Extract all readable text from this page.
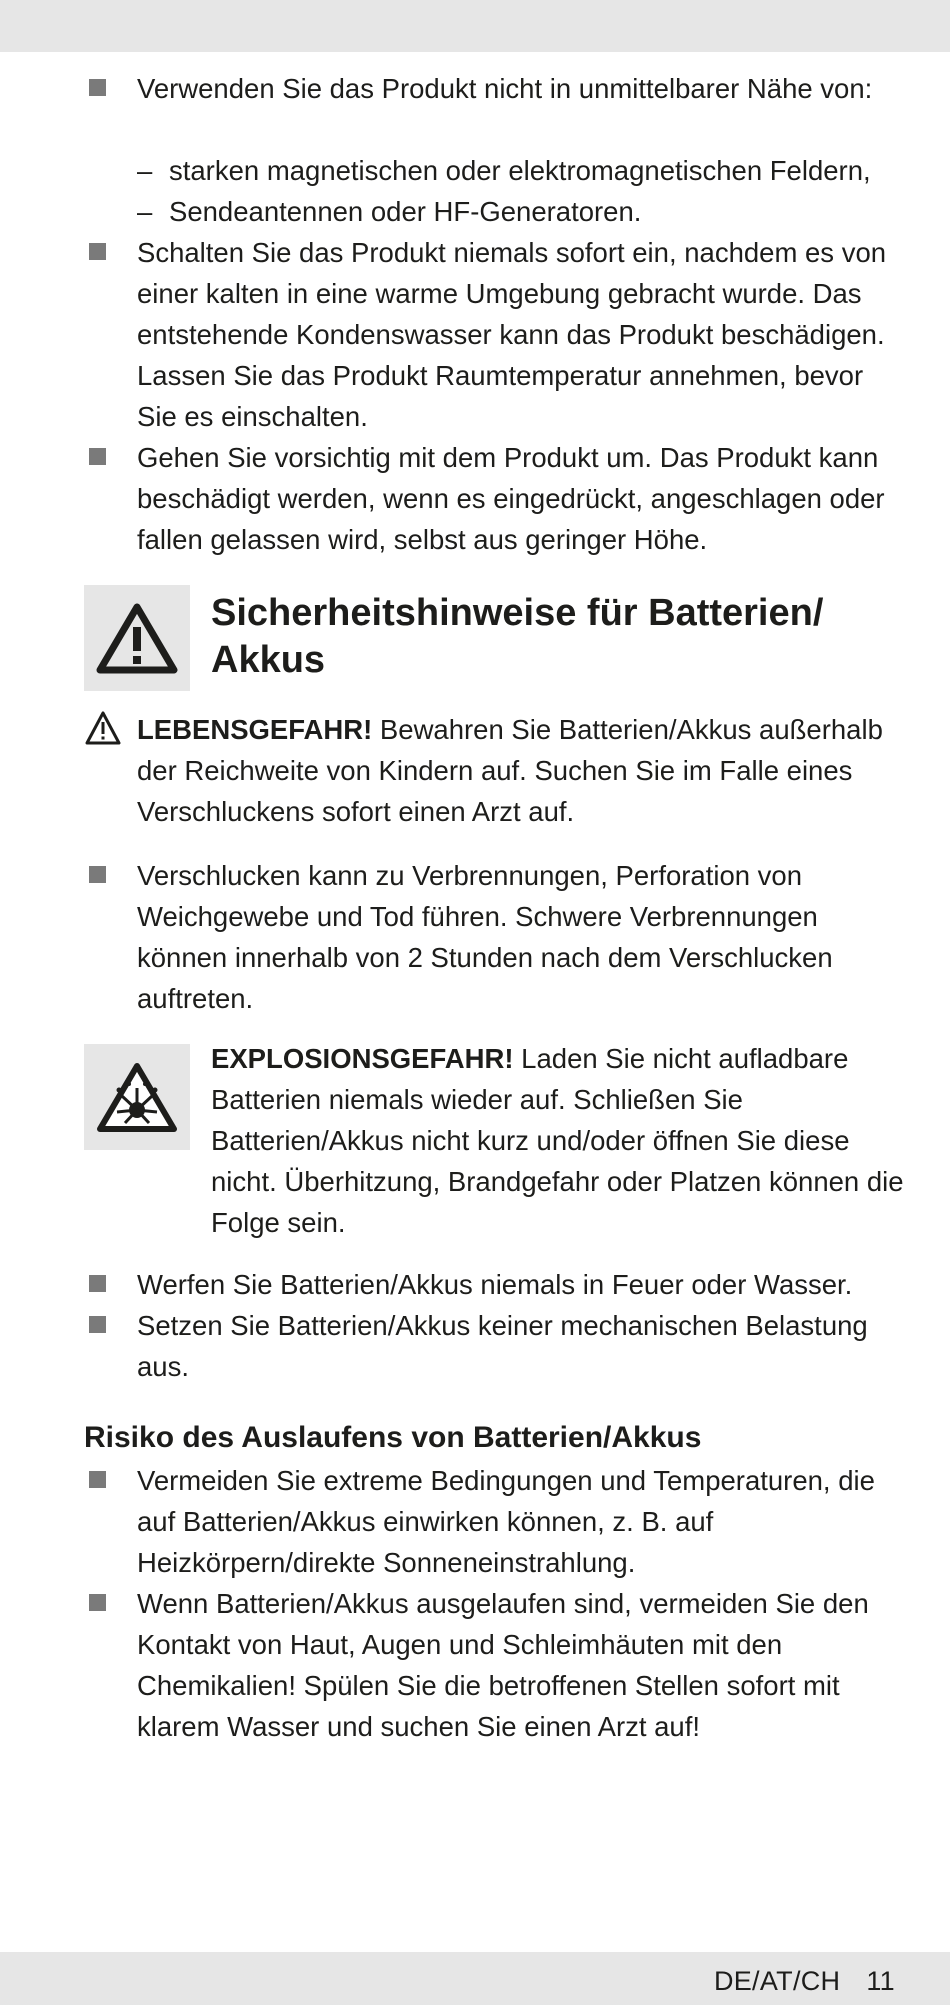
Verwenden Sie das Produkt nicht in unmittelbarer Nähe von:

– starken magnetischen oder elektromagnetischen Feldern,
– Sendeantennen oder HF-Generatoren.

Schalten Sie das Produkt niemals sofort ein, nachdem es von einer kalten in eine warme Umgebung gebracht wurde. Das entstehende Kondenswasser kann das Produkt beschädigen. Lassen Sie das Produkt Raumtemperatur annehmen, bevor Sie es einschalten.

Gehen Sie vorsichtig mit dem Produkt um. Das Produkt kann beschädigt werden, wenn es eingedrückt, angeschlagen oder fallen gelassen wird, selbst aus geringer Höhe.

Sicherheitshinweise für Batterien/ Akkus

LEBENSGEFAHR! Bewahren Sie Batterien/Akkus außerhalb der Reichweite von Kindern auf. Suchen Sie im Falle eines Verschluckens sofort einen Arzt auf.

Verschlucken kann zu Verbrennungen, Perforation von Weichgewebe und Tod führen. Schwere Verbrennungen können innerhalb von 2 Stunden nach dem Verschlucken auftreten.

EXPLOSIONSGEFAHR! Laden Sie nicht aufladbare Batterien niemals wieder auf. Schließen Sie Batterien/Akkus nicht kurz und/oder öffnen Sie diese nicht. Überhitzung, Brandgefahr oder Platzen können die Folge sein.

Werfen Sie Batterien/Akkus niemals in Feuer oder Wasser.

Setzen Sie Batterien/Akkus keiner mechanischen Belastung aus.

Risiko des Auslaufens von Batterien/Akkus

Vermeiden Sie extreme Bedingungen und Temperaturen, die auf Batterien/Akkus einwirken können, z. B. auf Heizkörpern/direkte Sonneneinstrahlung.

Wenn Batterien/Akkus ausgelaufen sind, vermeiden Sie den Kontakt von Haut, Augen und Schleimhäuten mit den Chemikalien! Spülen Sie die betroffenen Stellen sofort mit klarem Wasser und suchen Sie einen Arzt auf!

DE/AT/CH 11
